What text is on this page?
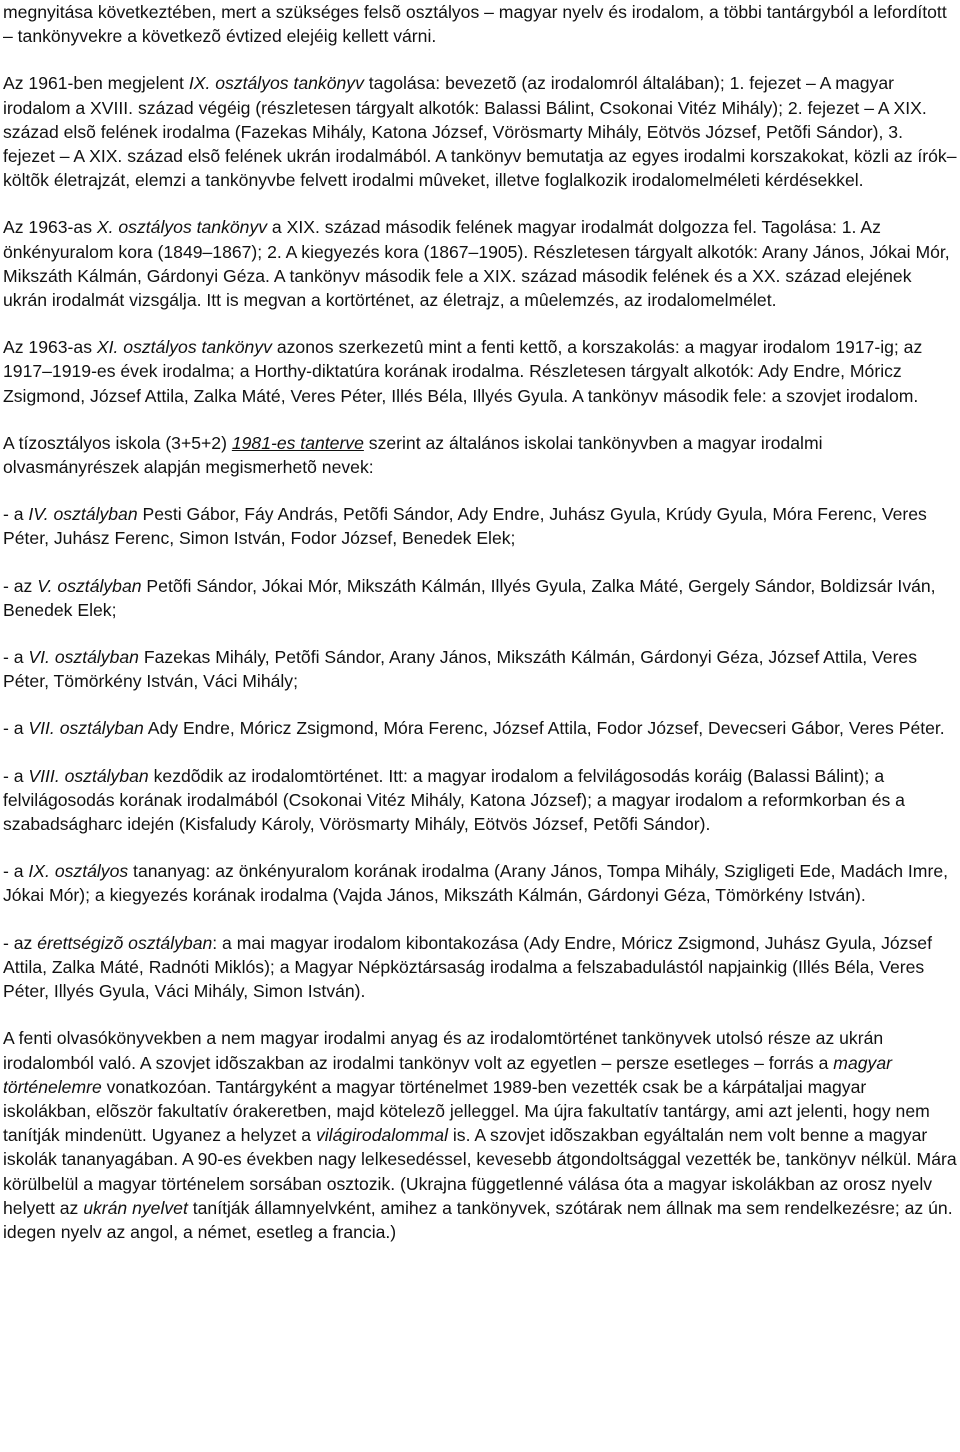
megnyitása következtében, mert a szükséges felsõ osztályos – magyar nyelv és irodalom, a többi tantárgyból a lefordított – tankönyvekre a következõ évtized elejéig kellett várni.

Az 1961-ben megjelent IX. osztályos tankönyv tagolása: bevezetõ (az irodalomról általában); 1. fejezet – A magyar irodalom a XVIII. század végéig (részletesen tárgyalt alkotók: Balassi Bálint, Csokonai Vitéz Mihály); 2. fejezet – A XIX. század elsõ felének irodalma (Fazekas Mihály, Katona József, Vörösmarty Mihály, Eötvös József, Petõfi Sándor), 3. fejezet – A XIX. század elsõ felének ukrán irodalmából. A tankönyv bemutatja az egyes irodalmi korszakokat, közli az írók–költõk életrajzát, elemzi a tankönyvbe felvett irodalmi mûveket, illetve foglalkozik irodalomelméleti kérdésekkel.

Az 1963-as X. osztályos tankönyv a XIX. század második felének magyar irodalmát dolgozza fel. Tagolása: 1. Az önkényuralom kora (1849–1867); 2. A kiegyezés kora (1867–1905). Részletesen tárgyalt alkotók: Arany János, Jókai Mór, Mikszáth Kálmán, Gárdonyi Géza. A tankönyv második fele a XIX. század második felének és a XX. század elejének ukrán irodalmát vizsgálja. Itt is megvan a kortörténet, az életrajz, a mûelemzés, az irodalomelmélet.

Az 1963-as XI. osztályos tankönyv azonos szerkezetû mint a fenti kettõ, a korszakolás: a magyar irodalom 1917-ig; az 1917–1919-es évek irodalma; a Horthy-diktatúra korának irodalma. Részletesen tárgyalt alkotók: Ady Endre, Móricz Zsigmond, József Attila, Zalka Máté, Veres Péter, Illés Béla, Illyés Gyula. A tankönyv második fele: a szovjet irodalom.

A tízosztályos iskola (3+5+2) 1981-es tanterve szerint az általános iskolai tankönyvben a magyar irodalmi olvasmányrészek alapján megismerhetõ nevek:

- a IV. osztályban Pesti Gábor, Fáy András, Petõfi Sándor, Ady Endre, Juhász Gyula, Krúdy Gyula, Móra Ferenc, Veres Péter, Juhász Ferenc, Simon István, Fodor József, Benedek Elek;

- az V. osztályban Petõfi Sándor, Jókai Mór, Mikszáth Kálmán, Illyés Gyula, Zalka Máté, Gergely Sándor, Boldizsár Iván, Benedek Elek;

- a VI. osztályban Fazekas Mihály, Petõfi Sándor, Arany János, Mikszáth Kálmán, Gárdonyi Géza, József Attila, Veres Péter, Tömörkény István, Váci Mihály;

- a VII. osztályban Ady Endre, Móricz Zsigmond, Móra Ferenc, József Attila, Fodor József, Devecseri Gábor, Veres Péter.

- a VIII. osztályban kezdõdik az irodalomtörténet. Itt: a magyar irodalom a felvilágosodás koráig (Balassi Bálint); a felvilágosodás korának irodalmából (Csokonai Vitéz Mihály, Katona József); a magyar irodalom a reformkorban és a szabadságharc idején (Kisfaludy Károly, Vörösmarty Mihály, Eötvös József, Petõfi Sándor).

- a IX. osztályos tananyag: az önkényuralom korának irodalma (Arany János, Tompa Mihály, Szigligeti Ede, Madách Imre, Jókai Mór); a kiegyezés korának irodalma (Vajda János, Mikszáth Kálmán, Gárdonyi Géza, Tömörkény István).

- az érettségizõ osztályban: a mai magyar irodalom kibontakozása (Ady Endre, Móricz Zsigmond, Juhász Gyula, József Attila, Zalka Máté, Radnóti Miklós); a Magyar Népköztársaság irodalma a felszabadulástól napjainkig (Illés Béla, Veres Péter, Illyés Gyula, Váci Mihály, Simon István).

A fenti olvasókönyvekben a nem magyar irodalmi anyag és az irodalomtörténet tankönyvek utolsó része az ukrán irodalomból való. A szovjet idõszakban az irodalmi tankönyv volt az egyetlen – persze esetleges – forrás a magyar történelemre vonatkozóan. Tantárgyként a magyar történelmet 1989-ben vezették csak be a kárpátaljai magyar iskolákban, elõször fakultatív órakeretben, majd kötelezõ jelleggel. Ma újra fakultatív tantárgy, ami azt jelenti, hogy nem tanítják mindenütt. Ugyanez a helyzet a világirodalommal is. A szovjet idõszakban egyáltalán nem volt benne a magyar iskolák tananyagában. A 90-es években nagy lelkesedéssel, kevesebb átgondoltsággal vezették be, tankönyv nélkül. Mára körülbelül a magyar történelem sorsában osztozik. (Ukrajna függetlenné válása óta a magyar iskolákban az orosz nyelv helyett az ukrán nyelvet tanítják államnyelvként, amihez a tankönyvek, szótárak nem állnak ma sem rendelkezésre; az ún. idegen nyelv az angol, a német, esetleg a francia.)
